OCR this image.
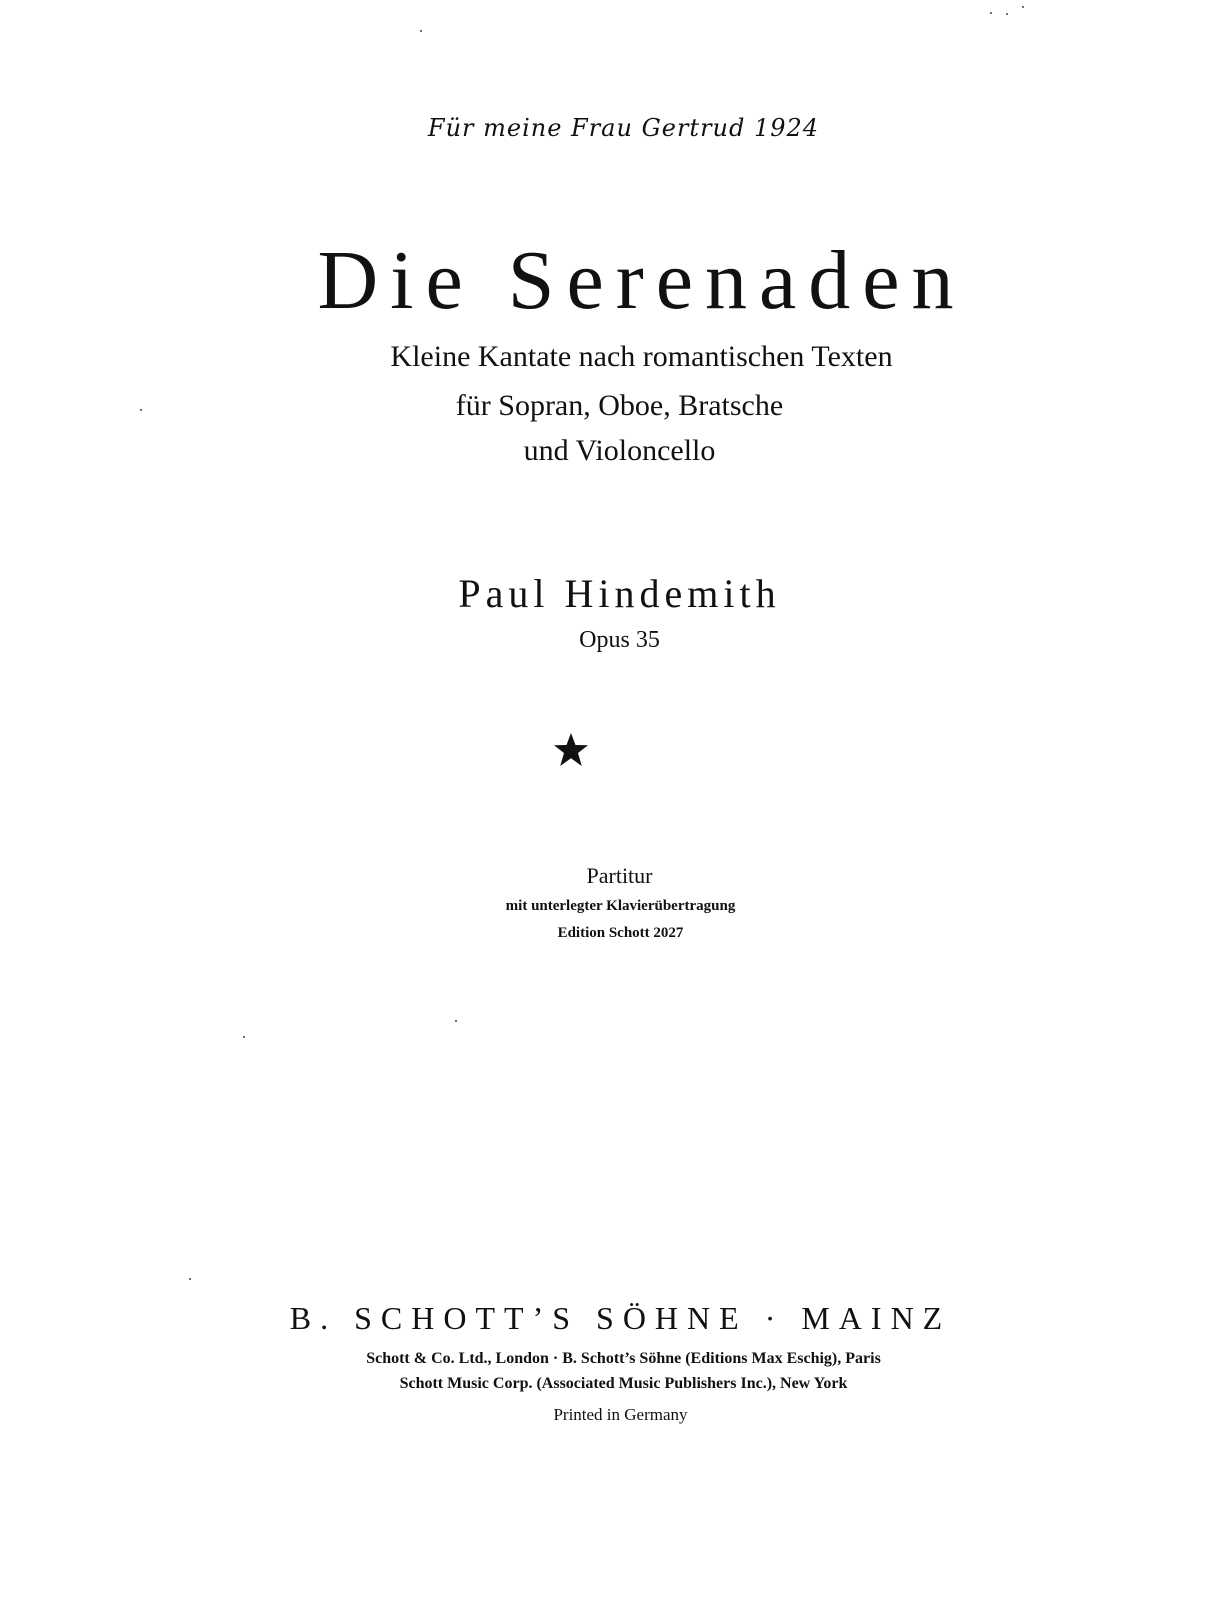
Für meine Frau Gertrud 1924
Die Serenaden
Kleine Kantate nach romantischen Texten
für Sopran, Oboe, Bratsche
und Violoncello
Paul Hindemith
Opus 35
Partitur
mit unterlegter Klavierübertragung
Edition Schott 2027
B. SCHOTT’S SÖHNE · MAINZ
Schott & Co. Ltd., London · B. Schott’s Söhne (Editions Max Eschig), Paris
Schott Music Corp. (Associated Music Publishers Inc.), New York
Printed in Germany
